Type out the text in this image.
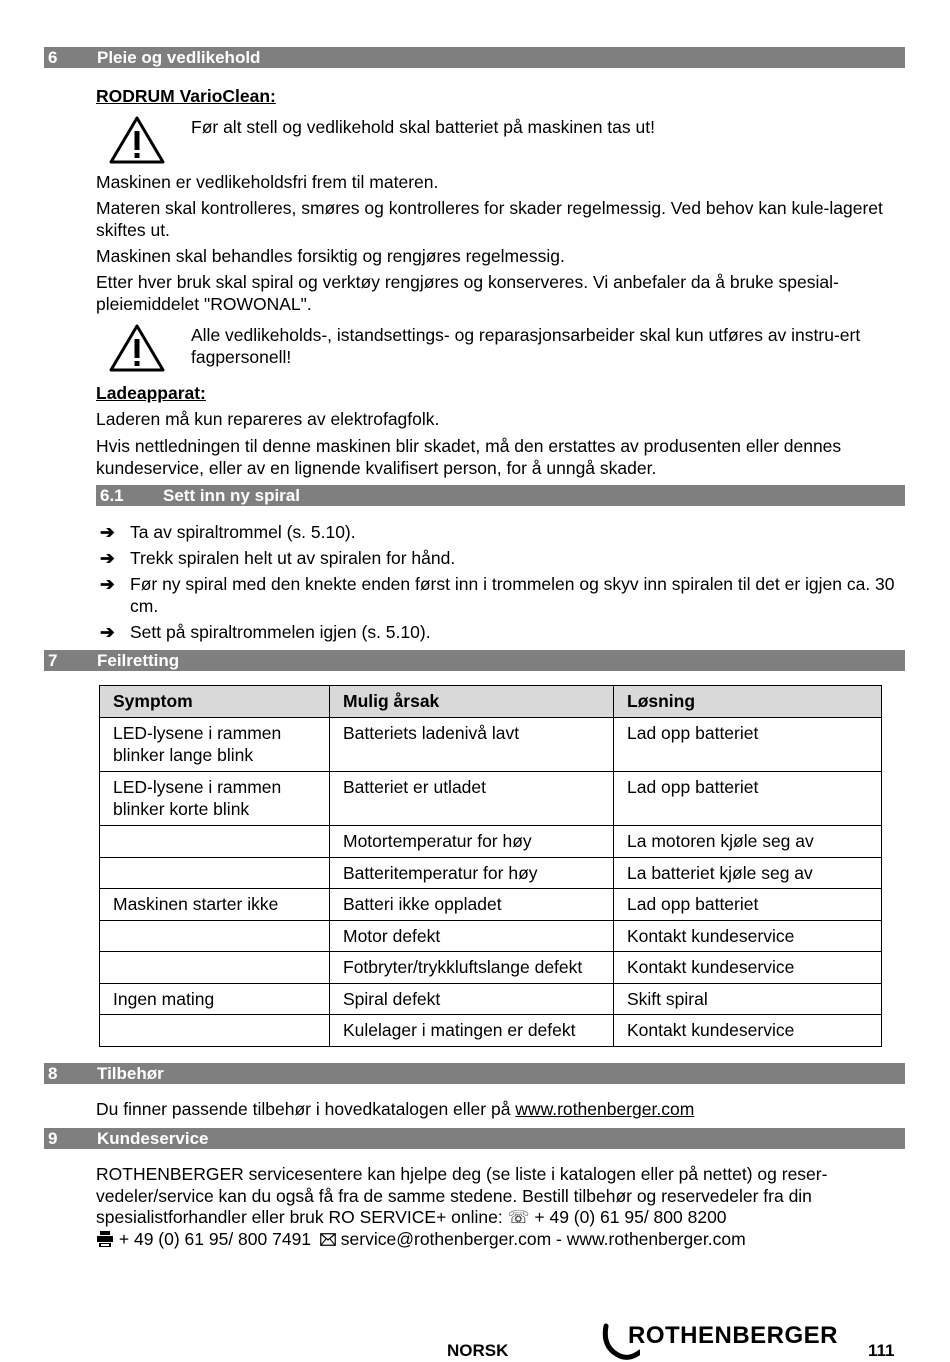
6 Pleie og vedlikehold
RODRUM VarioClean:
Før alt stell og vedlikehold skal batteriet på maskinen tas ut!
Maskinen er vedlikeholdsfri frem til materen.
Materen skal kontrolleres, smøres og kontrolleres for skader regelmessig. Ved behov kan kule-lageret skiftes ut.
Maskinen skal behandles forsiktig og rengjøres regelmessig.
Etter hver bruk skal spiral og verktøy rengjøres og konserveres. Vi anbefaler da å bruke spesial-pleiemiddelet "ROWONAL".
Alle vedlikeholds-, istandsettings- og reparasjonsarbeider skal kun utføres av instru-ert fagpersonell!
Ladeapparat:
Laderen må kun repareres av elektrofagfolk.
Hvis nettledningen til denne maskinen blir skadet, må den erstattes av produsenten eller dennes kundeservice, eller av en lignende kvalifisert person, for å unngå skader.
6.1 Sett inn ny spiral
➔ Ta av spiraltrommel (s. 5.10).
➔ Trekk spiralen helt ut av spiralen for hånd.
➔ Før ny spiral med den knekte enden først inn i trommelen og skyv inn spiralen til det er igjen ca. 30 cm.
➔ Sett på spiraltrommelen igjen (s. 5.10).
7 Feilretting
Symptom	Mulig årsak	Løsning
LED-lysene i rammen blinker lange blink	Batteriets ladenivå lavt	Lad opp batteriet
LED-lysene i rammen blinker korte blink	Batteriet er utladet	Lad opp batteriet
	Motortemperatur for høy	La motoren kjøle seg av
	Batteritemperatur for høy	La batteriet kjøle seg av
Maskinen starter ikke	Batteri ikke oppladet	Lad opp batteriet
	Motor defekt	Kontakt kundeservice
	Fotbryter/trykkluftslange defekt	Kontakt kundeservice
Ingen mating	Spiral defekt	Skift spiral
	Kulelager i matingen er defekt	Kontakt kundeservice
8 Tilbehør
Du finner passende tilbehør i hovedkatalogen eller på www.rothenberger.com
9 Kundeservice
ROTHENBERGER servicesentere kan hjelpe deg (se liste i katalogen eller på nettet) og reser-vedeler/service kan du også få fra de samme stedene. Bestill tilbehør og reservedeler fra din spesialistforhandler eller bruk RO SERVICE+ online: ☏ + 49 (0) 61 95/ 800 8200
+ 49 (0) 61 95/ 800 7491 service@rothenberger.com - www.rothenberger.com
NORSK
ROTHENBERGER
111
